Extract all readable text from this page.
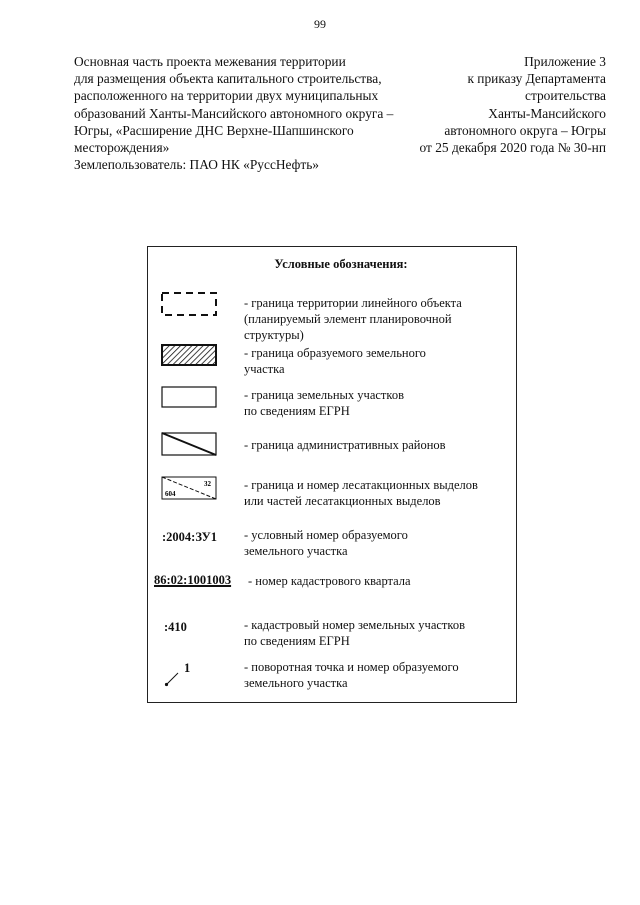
99
Основная часть проекта межевания территории
для размещения объекта капитального строительства,
расположенного на территории двух муниципальных
образований Ханты-Мансийского автономного округа –
Югры, «Расширение ДНС Верхне-Шапшинского
месторождения»
Землепользователь: ПАО НК «РуссНефть»
Приложение 3
к приказу Департамента
строительства
Ханты-Мансийского
автономного округа – Югры
от 25 декабря 2020 года № 30-нп
Условные обозначения:
- граница территории линейного объекта
(планируемый элемент планировочной
структуры)
- граница образуемого земельного
участка
- граница земельных участков
по сведениям ЕГРН
- граница административных районов
604
32	- граница и номер лесатакционных выделов
или частей лесатакционных выделов
:2004:ЗУ1 - условный номер образуемого
земельного участка
86:02:1001003 - номер кадастрового квартала
:410	- кадастровый номер земельных участков
по сведениям ЕГРН
1	- поворотная точка и номер образуемого
земельного участка
